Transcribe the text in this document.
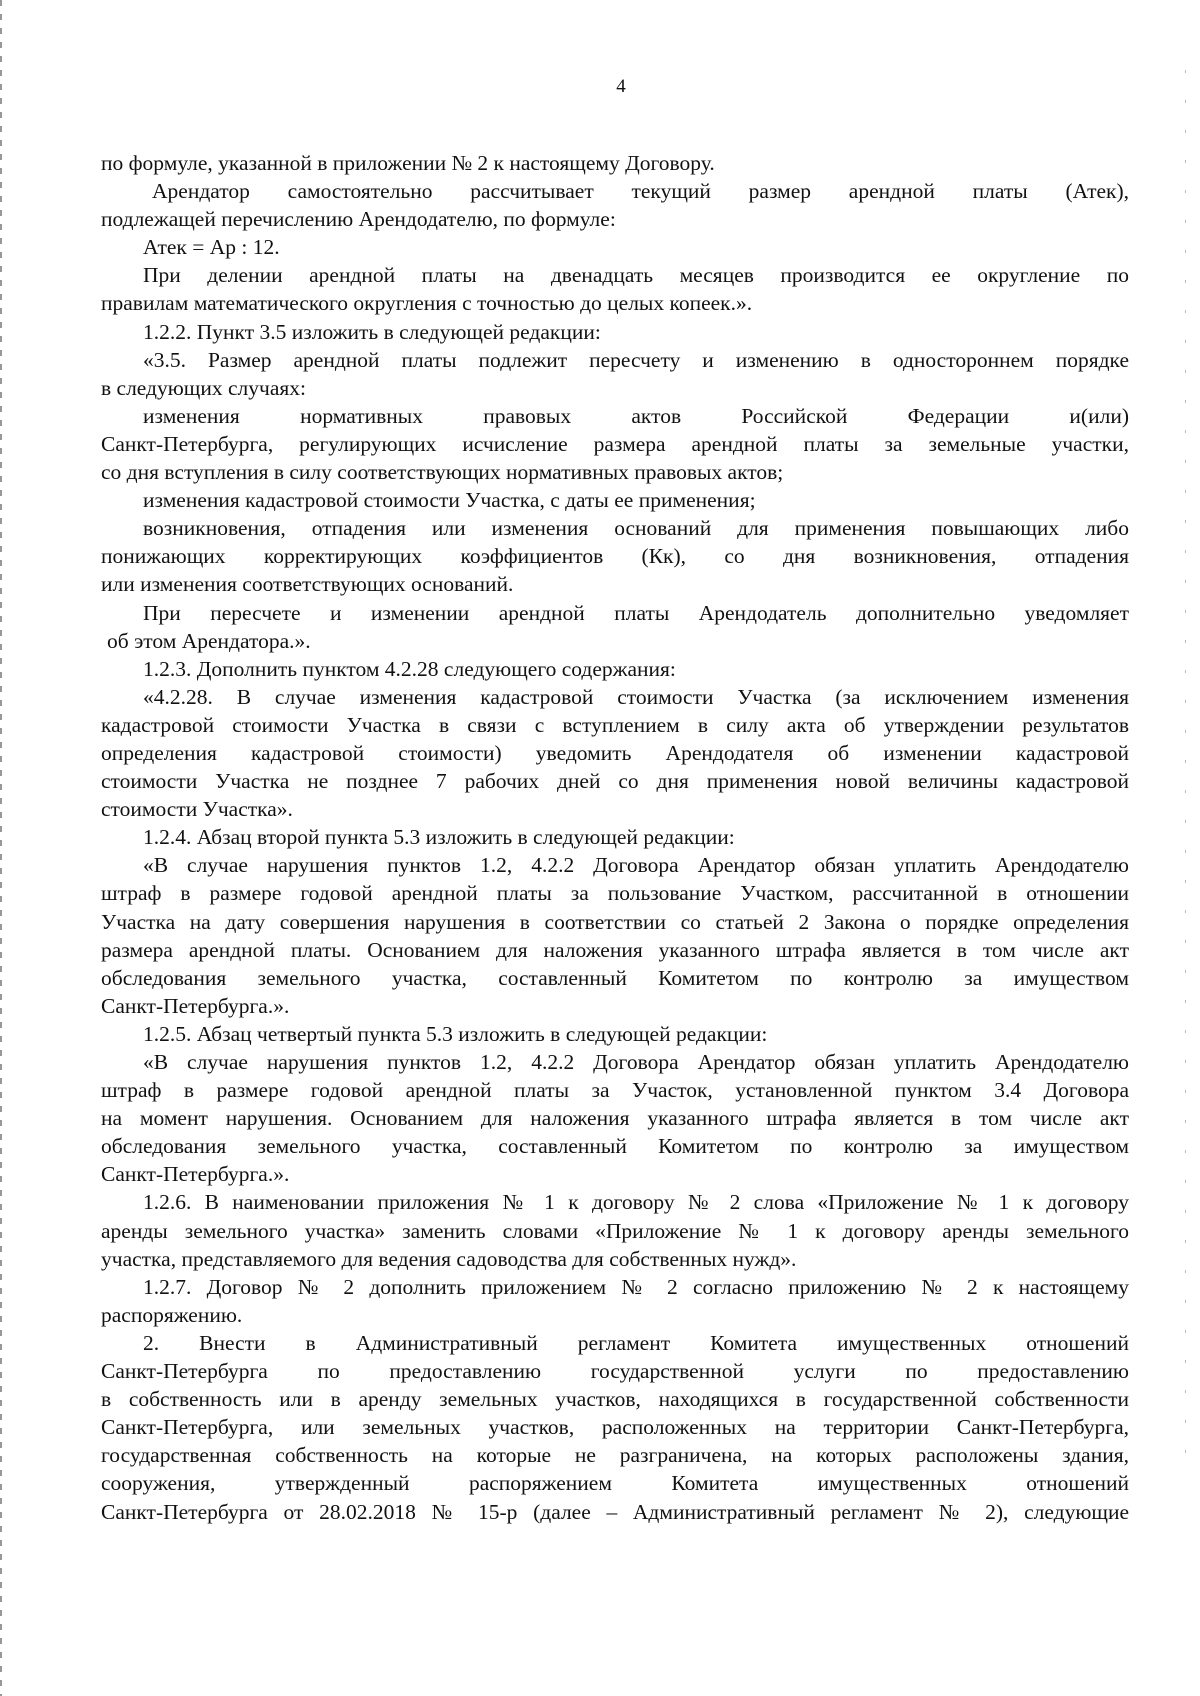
4
по формуле, указанной в приложении № 2 к настоящему Договору.
Арендатор самостоятельно рассчитывает текущий размер арендной платы (Атек),
подлежащей перечислению Арендодателю, по формуле:
Атек = Ар : 12.
При делении арендной платы на двенадцать месяцев производится ее округление по
правилам математического округления с точностью до целых копеек.».
1.2.2. Пункт 3.5 изложить в следующей редакции:
«3.5. Размер арендной платы подлежит пересчету и изменению в одностороннем порядке
в следующих случаях:
изменения нормативных правовых актов Российской Федерации и(или)
Санкт-Петербурга, регулирующих исчисление размера арендной платы за земельные участки,
со дня вступления в силу соответствующих нормативных правовых актов;
изменения кадастровой стоимости Участка, с даты ее применения;
возникновения, отпадения или изменения оснований для применения повышающих либо
понижающих корректирующих коэффициентов (Кк), со дня возникновения, отпадения
или изменения соответствующих оснований.
При пересчете и изменении арендной платы Арендодатель дополнительно уведомляет
об этом Арендатора.».
1.2.3. Дополнить пунктом 4.2.28 следующего содержания:
«4.2.28. В случае изменения кадастровой стоимости Участка (за исключением изменения
кадастровой стоимости Участка в связи с вступлением в силу акта об утверждении результатов
определения кадастровой стоимости) уведомить Арендодателя об изменении кадастровой
стоимости Участка не позднее 7 рабочих дней со дня применения новой величины кадастровой
стоимости Участка».
1.2.4. Абзац второй пункта 5.3 изложить в следующей редакции:
«В случае нарушения пунктов 1.2, 4.2.2 Договора Арендатор обязан уплатить Арендодателю
штраф в размере годовой арендной платы за пользование Участком, рассчитанной в отношении
Участка на дату совершения нарушения в соответствии со статьей 2 Закона о порядке определения
размера арендной платы. Основанием для наложения указанного штрафа является в том числе акт
обследования земельного участка, составленный Комитетом по контролю за имуществом
Санкт-Петербурга.».
1.2.5. Абзац четвертый пункта 5.3 изложить в следующей редакции:
«В случае нарушения пунктов 1.2, 4.2.2 Договора Арендатор обязан уплатить Арендодателю
штраф в размере годовой арендной платы за Участок, установленной пунктом 3.4 Договора
на момент нарушения. Основанием для наложения указанного штрафа является в том числе акт
обследования земельного участка, составленный Комитетом по контролю за имуществом
Санкт-Петербурга.».
1.2.6. В наименовании приложения № 1 к договору № 2 слова «Приложение № 1 к договору
аренды земельного участка» заменить словами «Приложение № 1 к договору аренды земельного
участка, представляемого для ведения садоводства для собственных нужд».
1.2.7. Договор № 2 дополнить приложением № 2 согласно приложению № 2 к настоящему
распоряжению.
2. Внести в Административный регламент Комитета имущественных отношений
Санкт-Петербурга по предоставлению государственной услуги по предоставлению
в собственность или в аренду земельных участков, находящихся в государственной собственности
Санкт-Петербурга, или земельных участков, расположенных на территории Санкт-Петербурга,
государственная собственность на которые не разграничена, на которых расположены здания,
сооружения, утвержденный распоряжением Комитета имущественных отношений
Санкт-Петербурга от 28.02.2018 № 15-р (далее – Административный регламент № 2), следующие
